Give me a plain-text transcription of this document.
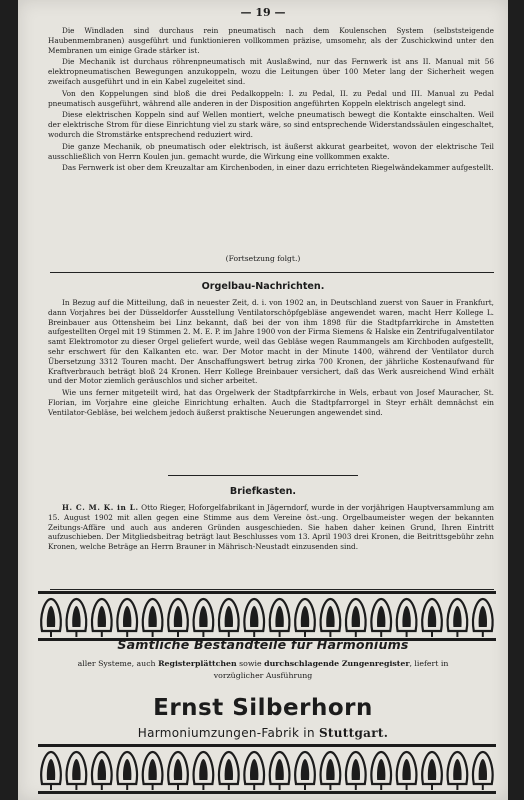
— 19 —

Die Windladen sind durchaus rein pneumatisch nach dem Koulenschen System (selbststeigende Haubenmembranen) ausgeführt und funktionieren vollkommen präzise, umsomehr, als der Zuschickwind unter den Membranen um einige Grade stärker ist.

Die Mechanik ist durchaus röhrenpneumatisch mit Auslaßwind, nur das Fernwerk ist ans II. Manual mit 56 elektropneumatischen Bewegungen anzukoppeln, wozu die Leitungen über 100 Meter lang der Sicherheit wegen zweifach ausgeführt und in ein Kabel zugeleitet sind.

Von den Koppelungen sind bloß die drei Pedalkoppeln: I. zu Pedal, II. zu Pedal und III. Manual zu Pedal pneumatisch ausgeführt, während alle anderen in der Disposition angeführten Koppeln elektrisch angelegt sind.

Diese elektrischen Koppeln sind auf Wellen montiert, welche pneumatisch bewegt die Kontakte einschalten. Weil der elektrische Strom für diese Einrichtung viel zu stark wäre, so sind entsprechende Widerstandssäulen eingeschaltet, wodurch die Stromstärke entsprechend reduziert wird.

Die ganze Mechanik, ob pneumatisch oder elektrisch, ist äußerst akkurat gearbeitet, wovon der elektrische Teil ausschließlich von Herrn Koulen jun. gemacht wurde, die Wirkung eine vollkommen exakte.

Das Fernwerk ist ober dem Kreuzaltar am Kirchenboden, in einer dazu errichteten Riegelwändekammer aufgestellt.

(Fortsetzung folgt.)
Orgelbau-Nachrichten.

In Bezug auf die Mitteilung, daß in neuester Zeit, d. i. von 1902 an, in Deutschland zuerst von Sauer in Frankfurt, dann Vorjahres bei der Düsseldorfer Ausstellung Ventilatorschöpfgebläse angewendet waren, macht Herr Kollege L. Breinbauer aus Ottensheim bei Linz bekannt, daß bei der von ihm 1898 für die Stadtpfarrkirche in Amstetten aufgestellten Orgel mit 19 Stimmen 2. M. E. P. im Jahre 1900 von der Firma Siemens & Halske ein Zentrifugalventilator samt Elektromotor zu dieser Orgel geliefert wurde, weil das Gebläse wegen Raummangels am Kirchboden aufgestellt, sehr erschwert für den Kalkanten etc. war. Der Motor macht in der Minute 1400, während der Ventilator durch Übersetzung 3312 Touren macht. Der Anschaffungswert betrug zirka 700 Kronen, der jährliche Kostenaufwand für Kraftverbrauch beträgt bloß 24 Kronen. Herr Kollege Breinbauer versichert, daß das Werk ausreichend Wind erhält und der Motor ziemlich geräuschlos und sicher arbeitet.

Wie uns ferner mitgeteilt wird, hat das Orgelwerk der Stadtpfarrkirche in Wels, erbaut von Josef Mauracher, St. Florian, im Vorjahre eine gleiche Einrichtung erhalten. Auch die Stadtpfarrorgel in Steyr erhält demnächst ein Ventilator-Gebläse, bei welchem jedoch äußerst praktische Neuerungen angewendet sind.

Briefkasten.

H. C. M. K. in L. Otto Rieger, Hoforgelfabrikant in Jägerndorf, wurde in der vorjährigen Hauptversammlung am 15. August 1902 mit allen gegen eine Stimme aus dem Vereine öst.-ung. Orgelbaumeister wegen der bekannten Zeitungs-Affäre und auch aus anderen Gründen ausgeschieden. Sie haben daher keinen Grund, Ihren Eintritt aufzuschieben. Der Mitgliedsbeitrag beträgt laut Beschlusses vom 13. April 1903 drei Kronen, die Beitrittsgebühr zehn Kronen, welche Beträge an Herrn Brauner in Mährisch-Neustadt einzusenden sind.

Sämtliche Bestandteile für Harmoniums
aller Systeme, auch Registerplättchen sowie durchschlagende Zungenregister, liefert in
vorzüglicher Ausführung
Ernst Silberhorn
Harmoniumzungen-Fabrik in Stuttgart.
